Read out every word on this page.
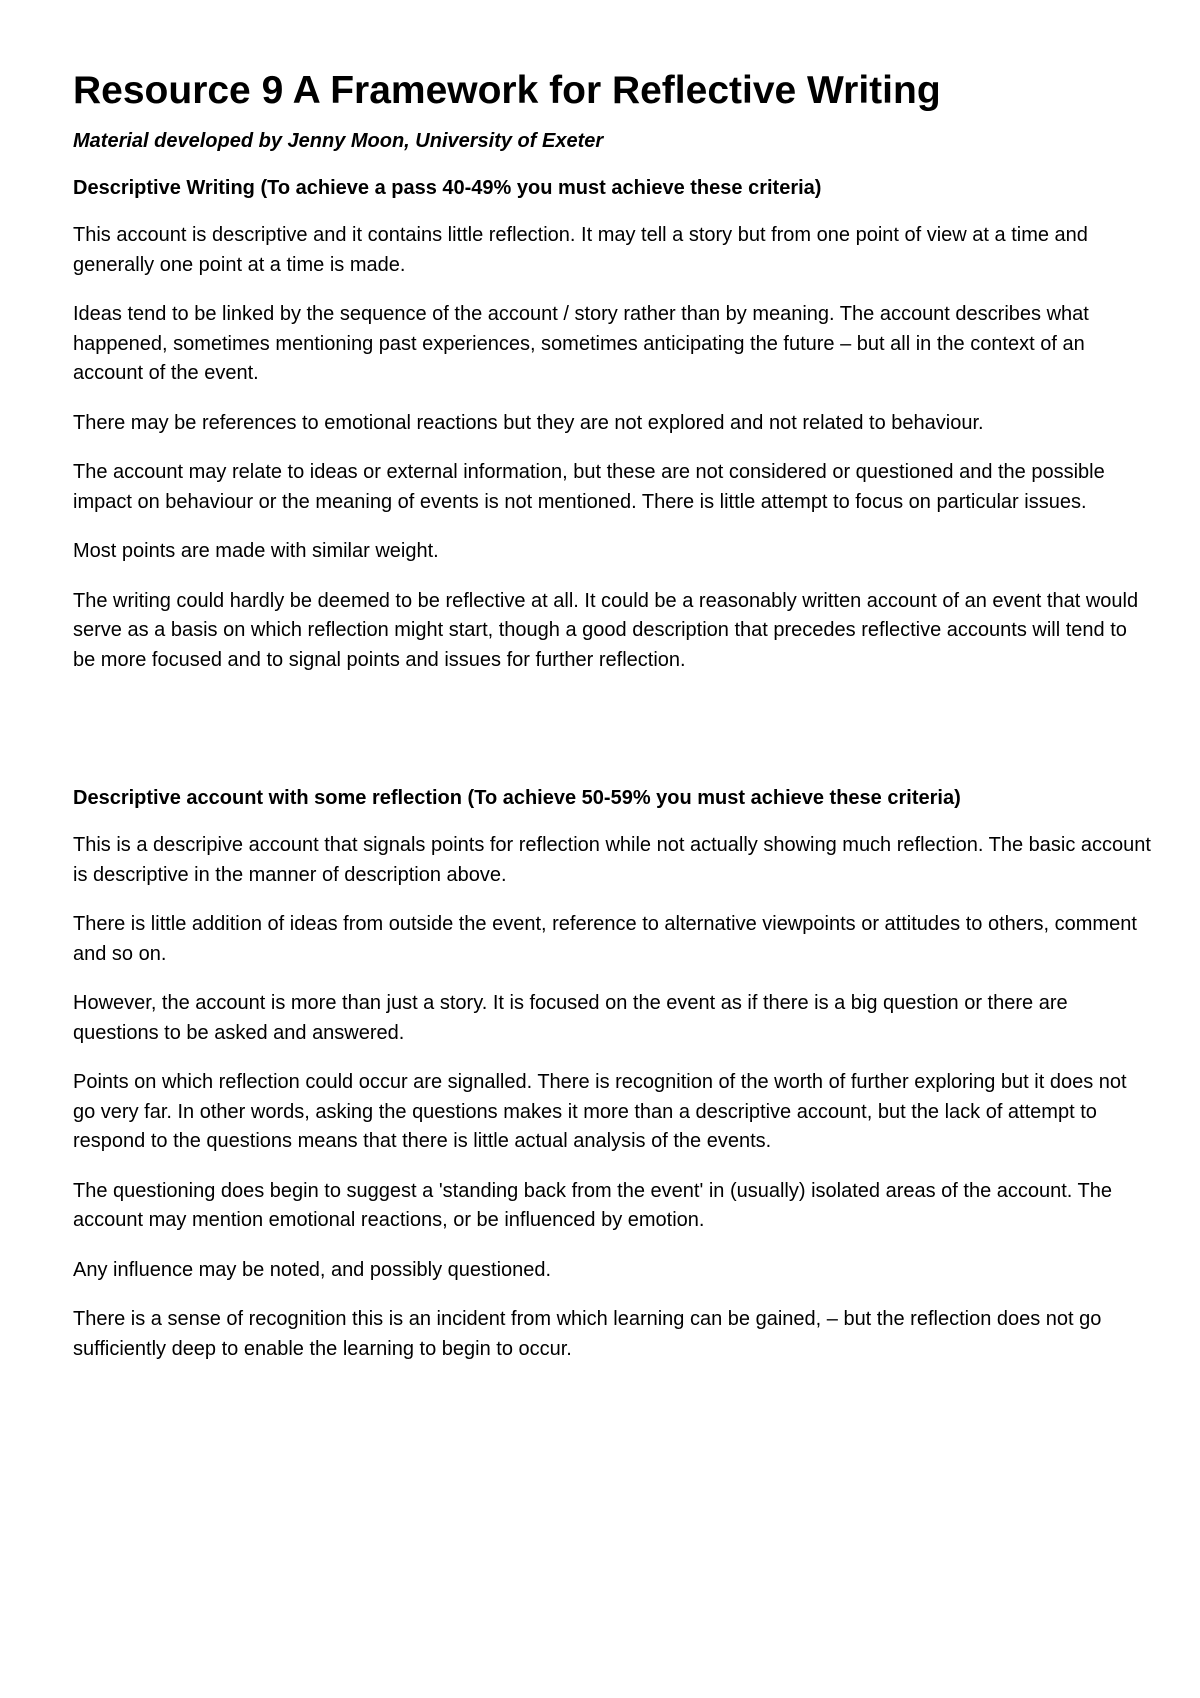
Resource 9 A Framework for Reflective Writing
Material developed by Jenny Moon, University of Exeter
Descriptive Writing (To achieve a pass 40-49% you must achieve these criteria)

This account is descriptive and it contains little reflection. It may tell a story but from one point of view at a time and generally one point at a time is made.

Ideas tend to be linked by the sequence of the account / story rather than by meaning. The account describes what happened, sometimes mentioning past experiences, sometimes anticipating the future – but all in the context of an account of the event.

There may be references to emotional reactions but they are not explored and not related to behaviour.

The account may relate to ideas or external information, but these are not considered or questioned and the possible impact on behaviour or the meaning of events is not mentioned. There is little attempt to focus on particular issues.

Most points are made with similar weight.

The writing could hardly be deemed to be reflective at all. It could be a reasonably written account of an event that would serve as a basis on which reflection might start, though a good description that precedes reflective accounts will tend to be more focused and to signal points and issues for further reflection.

Descriptive account with some reflection (To achieve 50-59% you must achieve these criteria)

This is a descripive account that signals points for reflection while not actually showing much reflection. The basic account is descriptive in the manner of description above.

There is little addition of ideas from outside the event, reference to alternative viewpoints or attitudes to others, comment and so on.

However, the account is more than just a story. It is focused on the event as if there is a big question or there are questions to be asked and answered.

Points on which reflection could occur are signalled. There is recognition of the worth of further exploring but it does not go very far. In other words, asking the questions makes it more than a descriptive account, but the lack of attempt to respond to the questions means that there is little actual analysis of the events.

The questioning does begin to suggest a 'standing back from the event' in (usually) isolated areas of the account. The account may mention emotional reactions, or be influenced by emotion.

Any influence may be noted, and possibly questioned.

There is a sense of recognition this is an incident from which learning can be gained, – but the reflection does not go sufficiently deep to enable the learning to begin to occur.
